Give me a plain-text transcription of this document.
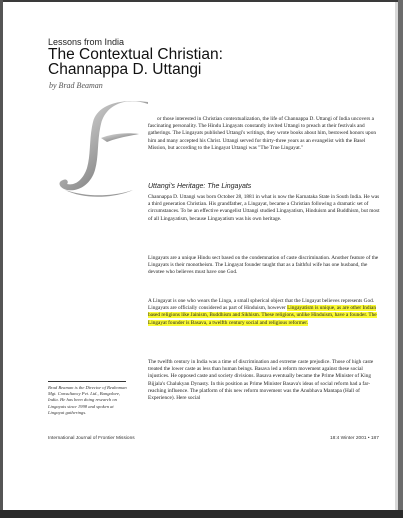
Lessons from India
The Contextual Christian:
Channappa D. Uttangi
by Brad Beaman

or those interested in Christian contextualization, the life of Channappa D. Uttangi of India uncovers a fascinating personality. The Hindu Lingayats constantly invited Uttangi to preach at their festivals and gatherings. The Lingayats published Uttangi's writings, they wrote books about him, bestowed honors upon him and many accepted his Christ. Uttangi served for thirty-three years as an evangelist with the Basel Mission, but according to the Lingayat Uttangi was "The True Lingayat."

Uttangi's Heritage: The Lingayats

Channappa D. Uttangi was born October 28, 1881 in what is now the Karnataka State in South India. He was a third generation Christian. His grandfather, a Lingayat, became a Christian following a dramatic set of circumstances. To be an effective evangelist Uttangi studied Lingayatism, Hinduism and Buddhism, but most of all Lingayatism, because Lingayatism was his own heritage.

Lingayats are a unique Hindu sect based on the condemnation of caste discrimination. Another feature of the Lingayats is their monotheism. The Lingayat founder taught that as a faithful wife has one husband, the devotee who believes must have one God.

A Lingayat is one who wears the Linga, a small spherical object that the Lingayat believes represents God. Lingayats are officially considered as part of Hinduism, however Lingayatism is unique, as are other Indian based religions like Jainism, Buddhism and Sikhism. These religions, unlike Hinduism, have a founder. The Lingayat founder is Basava, a twelfth century social and religious reformer.

The twelfth century in India was a time of discrimination and extreme caste prejudice. Those of high caste treated the lower caste as less than human beings. Basava led a reform movement against these social injustices. He opposed caste and society divisions. Basava eventually became the Prime Minister of King Bijjala's Chalukyan Dynasty. In this position as Prime Minister Basava's ideas of social reform had a far-reaching influence. The platform of this new reform movement was the Anubhava Mantapa (Hall of Experience). Here social

Brad Beaman is the Director of Beaboman Mgt. Consultancy Pvt. Ltd., Bangalore, India. He has been doing research on Lingayats since 1998 and spoken at Lingayat gatherings.
International Journal of Frontier Missions	18:4 Winter 2001 • 187
